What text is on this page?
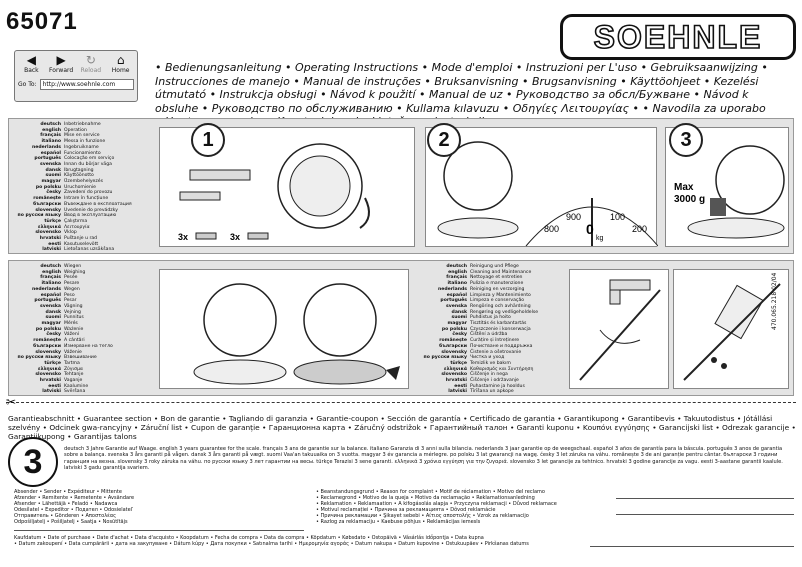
65071	SOEHNLE
◀
Back
▶
Forward
↻
Reload
⌂
Home
Go To:	http://www.soehnle.com
• Bedienungsanleitung • Operating Instructions • Mode d'emploi • Instruzioni per L'uso • Gebruiksaanwijzing • Instrucciones de manejo • Manual de instruções • Bruksanvisning • Brugsanvisning • Käyttöohjeet • Kezelési útmutató • Instrukcja obsługi • Návod k použití • Manual de uz • Руководство за обсл/Бужване • Návod k obsluhe • Руководство по обслуживанию • Kullama kılavuzu • Οδηγίες Λειτουργίας • • Navodila za uporabo
deutsch Inbetriebnahme
english Operation
français Mise en service
italiano Messa in funzione
nederlands Ingebruikname
español Funcionamiento
português Colocação em serviço
svenska Innan du börjar väga
dansk Ibrugtagning
suomi Käyttöönotto
magyar Üzembehelyezés
po polsku Uruchomienie
česky Zavedení do provozu
românește Intrare în funcțiune
български Въвеждане в експлоатация
slovensky Uvedenie do prevádzky
по русски языку Ввод в эксплуатацию
türkçe Çalıştırma
ελληνικά Λειτουργία
slovensko Vklop
hrvatski Puštanje u rad
eesti Kasutuselevõtt
latviski Lietošanas uzsākšana
3x	3x
1
800
900
0
kg
100
200
2
Max
3000 g
3
deutsch Wiegen
english Weighing
français Pesée
italiano Pesare
nederlands Wegen
español Peso
português Pesar
svenska Vägning
dansk Vejning
suomi Punnitus
magyar Mérés
po polsku Ważenie
česky Vážení
românește A cântări
български Измерване на тегло
slovensky Váženie
по русски языку Взвешивание
türkçe Tartma
ελληνικά Ζύγισμα
slovensko Tehtanje
hrvatski Vaganje
eesti Kaalumine
latviski Svēršana
deutsch Reinigung und Pflege
english Cleaning and Maintenance
français Nettoyage et entretien
italiano Pulizia e manutenzione
nederlands Reiniging en verzorging
español Limpieza y Mantenimiento
português Limpeza e conservação
svenska Rengöring och avhärdning
dansk Rengøring og vedligeholdelse
suomi Puhdistus ja hoito
magyar Tisztítás és karbantartás
po polsku Czyszczenie i konserwacja
česky Čištění a údržba
românește Curățire și întreținere
български Почистване и поддръжка
slovensky Čistenie a ošetrovanie
по русски языку Чистка и уход
türkçe Temizlik ve bakım
ελληνικά Καθαρισμός και Συντήρηση
slovensko Čiščenje in nega
hrvatski Čišćenje i održavanje
eesti Puhastamine ja hooldus
latviski Tīrīšana un apkope
470.065.218 02/04
✂
Garantieabschnitt • Guarantee section • Bon de garantie • Tagliando di garanzia • Garantie-coupon • Sección de garantía • Certificado de garantia • Garantikupong • Garantibevis • Takuutodistus • Jótállási szelvény • Odcinek gwa-rancyjny • Záruční list • Cupon de garanție • Гаранционна карта • Záručný odstrižok • Гарантийный талон • Garanti kuponu • Κουπόνι εγγύησης • Garancijski list • Odrezak garancije • Garantiikupong • Garantijas talons
3	deutsch 3 Jahre Garantie auf Waage. english 3 years guarantee for the scale. français 3 ans de garantie sur la balance. italiano Garanzia di 3 anni sulla bilancia. nederlands 3 jaar garantie op de weegschaal. español 3 años de garantía para la báscula. português 3 anos de garantia sobre a balança. svenska 3 års garanti på vågen. dansk 3 års garanti på vægt. suomi Vaa'an takuuaika on 3 vuotta. magyar 3 év garancia a mérlegre. po polsku 3 lat gwarancji na wagę. česky 3 let záruka na váhu. românește 3 de ani garanție pentru cântar. български 3 години гаранция на везна. slovensky 3 roky záruka na váhu. по русски языку 3 лет гарантии на весы. türkçe Terazisi 3 sene garanti. ελληνικά 3 χρόνια εγγύηση για την ζυγαριά. slovensko 3 let garancije za tehtnico. hrvatski 3 godine garancije za vagu. eesti 3-aastane garantii kaalule. latviski 3 gadu garantija svariem.
Absender • Sender • Expéditeur • Mittente
Afzender • Remitente • Remetente • Avsändare
Afsender • Lähettäjä • Feladó • Nadawca
Odesílatel • Expeditor • Подател • Odosielateľ
Отправитель • Gönderen • Αποστολέας
Odpošiljatelj • Pošiljatelj • Saatja • Nosūtītājs
• Beanstandungsgrund • Reason for complaint • Motif de réclamation • Motivo del reclamo
• Reclamegrond • Motivo de la queja • Motivo da reclamação • Reklamationsanledning
• Reklamation • Reklamaation • A kifogásolás alapja • Przyczyna reklamacji • Důvod reklamace
• Motivul reclamației • Причина за рекламацията • Dôvod reklamácie
• Причина рекламации • Şikayet sebebi • Αίτιος αποστολής • Vzrok za reklamacijo
• Razlog za reklamaciju • Kaebuse põhjus • Reklamācijas iemesls
Kaufdatum • Date of purchase • Date d'achat • Data d'acquisto • Koopdatum • Fecha de compra • Data da compra • Köpdatum • Købsdato • Ostopäivä • Vásárlás időpontja • Data kupna
• Datum zakoupení • Data cumpărării • дата на закупуване • Dátum kúpy • Дата покупки • Satınalma tarihi • Ημερομηνία αγοράς • Datum nakupa • Datum kupovine • Ostukuupäev • Pirkšanas datums
